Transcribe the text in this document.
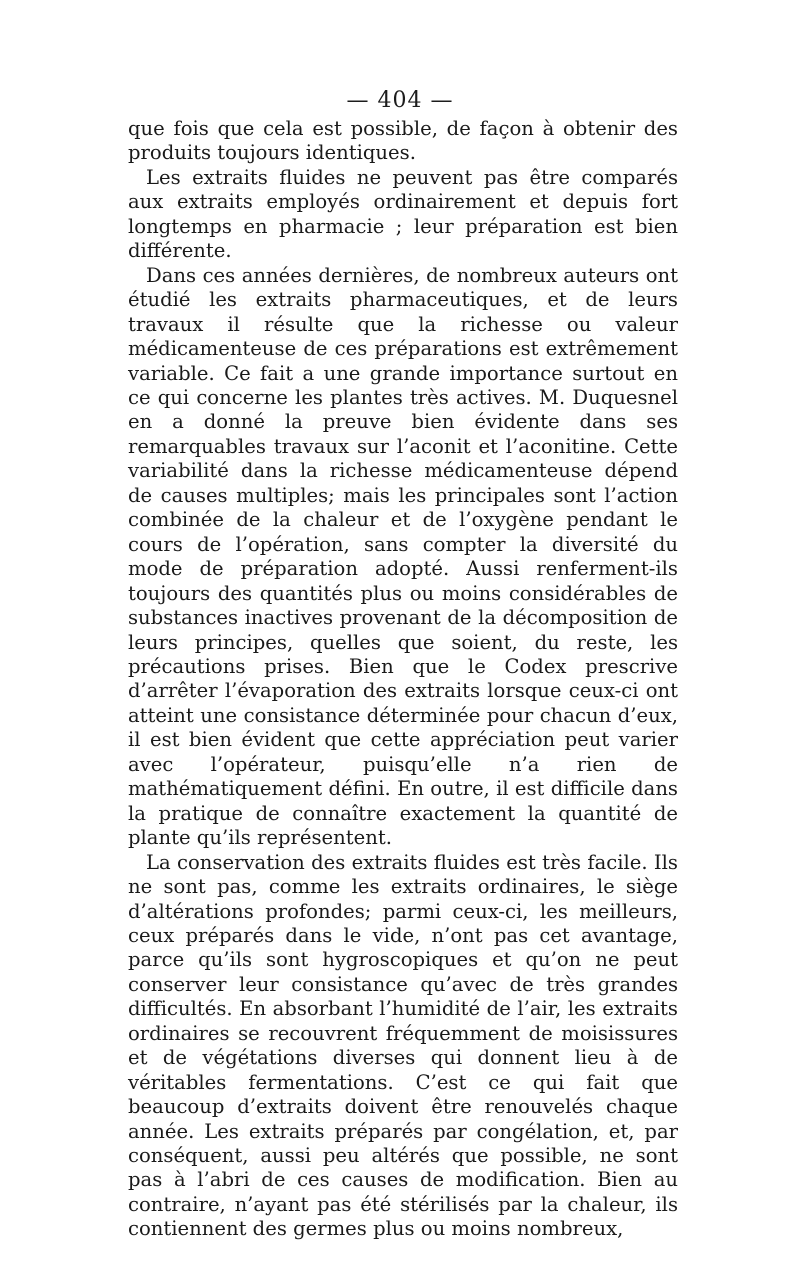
— 404 —

que fois que cela est possible, de façon à obtenir des produits toujours identiques.

Les extraits fluides ne peuvent pas être comparés aux extraits employés ordinairement et depuis fort longtemps en pharmacie ; leur préparation est bien différente.

Dans ces années dernières, de nombreux auteurs ont étudié les extraits pharmaceutiques, et de leurs travaux il résulte que la richesse ou valeur médicamenteuse de ces préparations est extrêmement variable. Ce fait a une grande importance surtout en ce qui concerne les plantes très actives. M. Duquesnel en a donné la preuve bien évidente dans ses remarquables travaux sur l’aconit et l’aconitine. Cette variabilité dans la richesse médicamenteuse dépend de causes multiples; mais les principales sont l’action combinée de la chaleur et de l’oxygène pendant le cours de l’opération, sans compter la diversité du mode de préparation adopté. Aussi renferment-ils toujours des quantités plus ou moins considérables de substances inactives provenant de la décomposition de leurs principes, quelles que soient, du reste, les précautions prises. Bien que le Codex prescrive d’arrêter l’évaporation des extraits lorsque ceux-ci ont atteint une consistance déterminée pour chacun d’eux, il est bien évident que cette appréciation peut varier avec l’opérateur, puisqu’elle n’a rien de mathématiquement défini. En outre, il est difficile dans la pratique de connaître exactement la quantité de plante qu’ils représentent.

La conservation des extraits fluides est très facile. Ils ne sont pas, comme les extraits ordinaires, le siège d’altérations profondes; parmi ceux-ci, les meilleurs, ceux préparés dans le vide, n’ont pas cet avantage, parce qu’ils sont hygroscopiques et qu’on ne peut conserver leur consistance qu’avec de très grandes difficultés. En absorbant l’humidité de l’air, les extraits ordinaires se recouvrent fréquemment de moisissures et de végétations diverses qui donnent lieu à de véritables fermentations. C’est ce qui fait que beaucoup d’extraits doivent être renouvelés chaque année. Les extraits préparés par congélation, et, par conséquent, aussi peu altérés que possible, ne sont pas à l’abri de ces causes de modification. Bien au contraire, n’ayant pas été stérilisés par la chaleur, ils contiennent des germes plus ou moins nombreux,
